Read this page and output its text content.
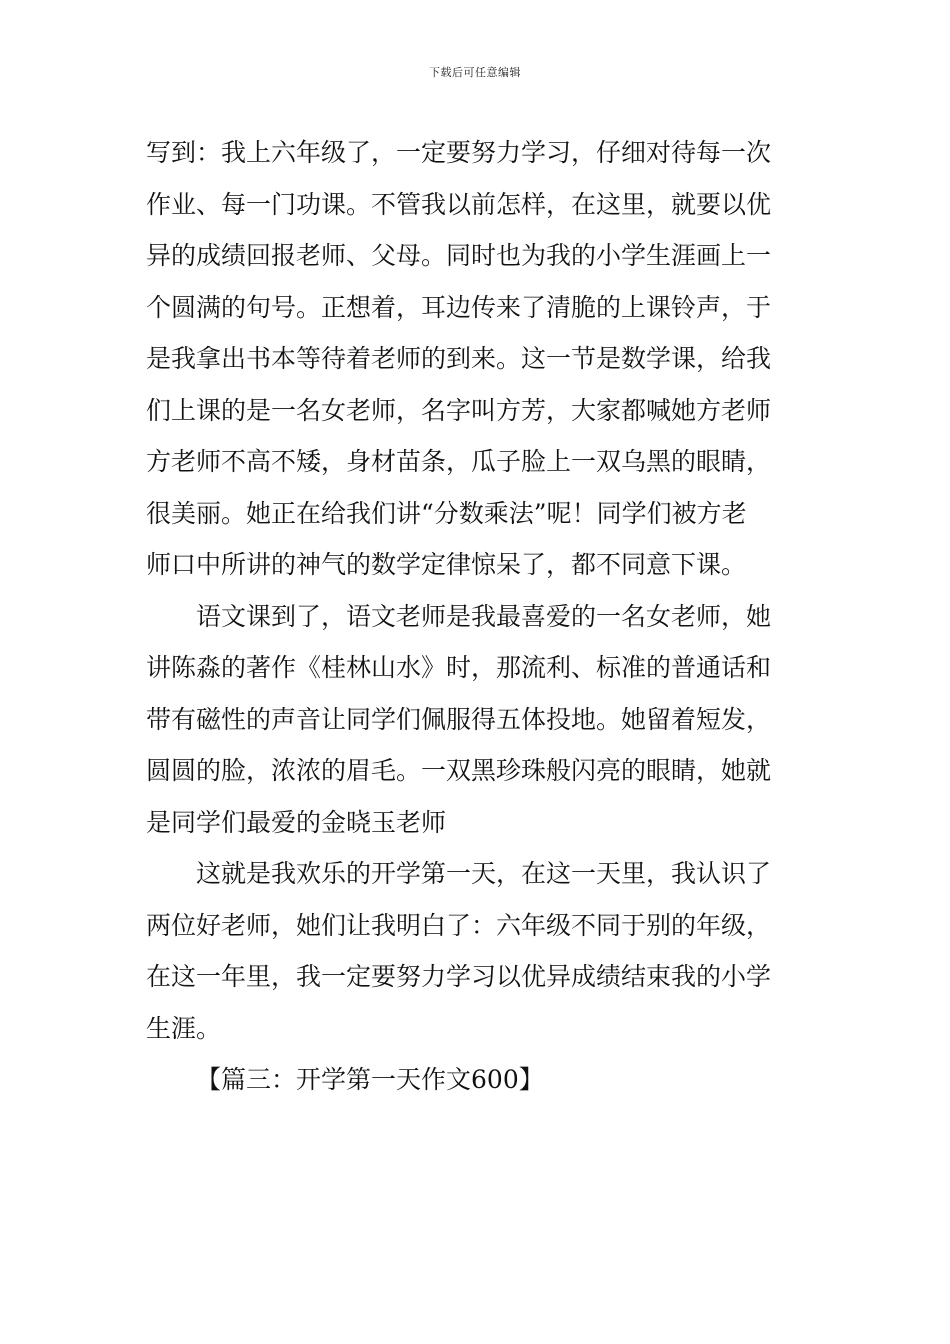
下载后可任意编辑
写到：我上六年级了，一定要努力学习，仔细对待每一次
作业、每一门功课。不管我以前怎样，在这里，就要以优
异的成绩回报老师、父母。同时也为我的小学生涯画上一
个圆满的句号。正想着，耳边传来了清脆的上课铃声，于
是我拿出书本等待着老师的到来。这一节是数学课，给我
们上课的是一名女老师，名字叫方芳，大家都喊她方老师
方老师不高不矮，身材苗条，瓜子脸上一双乌黑的眼睛，
很美丽。她正在给我们讲“分数乘法”呢！同学们被方老
师口中所讲的神气的数学定律惊呆了，都不同意下课。
语文课到了，语文老师是我最喜爱的一名女老师，她
讲陈淼的著作《桂林山水》时，那流利、标准的普通话和
带有磁性的声音让同学们佩服得五体投地。她留着短发，
圆圆的脸，浓浓的眉毛。一双黑珍珠般闪亮的眼睛，她就
是同学们最爱的金晓玉老师
这就是我欢乐的开学第一天，在这一天里，我认识了
两位好老师，她们让我明白了：六年级不同于别的年级，
在这一年里，我一定要努力学习以优异成绩结束我的小学
生涯。
【篇三：开学第一天作文600】
